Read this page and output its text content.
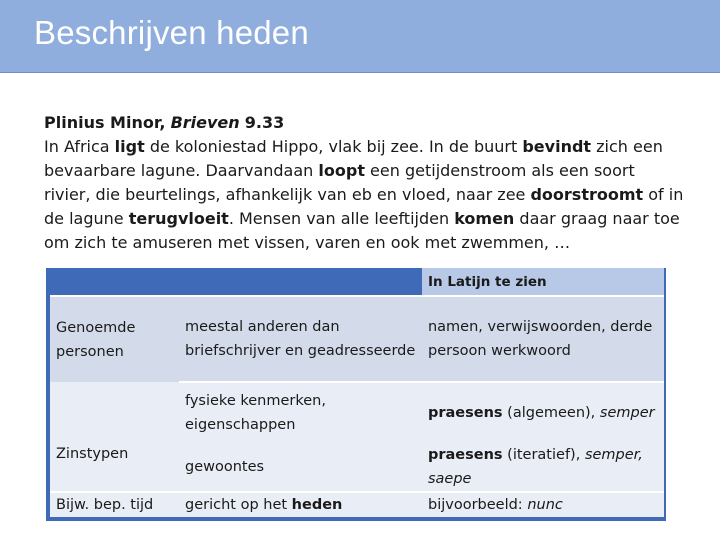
Beschrijven heden
Plinius Minor, Brieven 9.33
In Africa ligt de koloniestad Hippo, vlak bij zee. In de buurt bevindt zich een bevaarbare lagune. Daarvandaan loopt een getijdenstroom als een soort rivier, die beurtelings, afhankelijk van eb en vloed, naar zee doorstroomt of in de lagune terugvloeit. Mensen van alle leeftijden komen daar graag naar toe om zich te amuseren met vissen, varen en ook met zwemmen, …
		In Latijn te zien
Genoemde personen	meestal anderen dan briefschrijver en geadresseerde	namen, verwijswoorden, derde persoon werkwoord
Zinstypen	fysieke kenmerken, eigenschappen	praesens (algemeen), semper
	gewoontes	praesens (iteratief), semper, saepe
Bijw. bep. tijd	gericht op het heden	bijvoorbeeld: nunc
